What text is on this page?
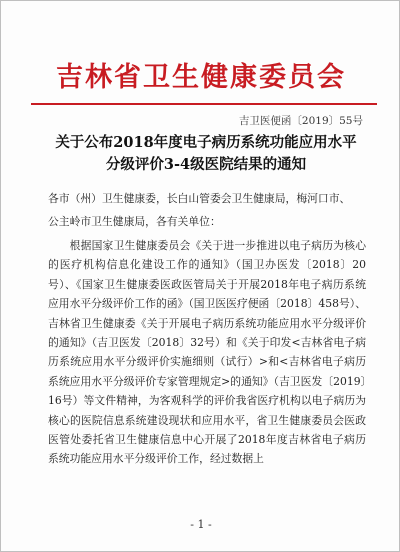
吉林省卫生健康委员会
吉卫医便函〔2019〕55号
关于公布2018年度电子病历系统功能应用水平
分级评价3-4级医院结果的通知
各市（州）卫生健康委，长白山管委会卫生健康局，梅河口市、
公主岭市卫生健康局，各有关单位：
根据国家卫生健康委员会《关于进一步推进以电子病历为核心的医疗机构信息化建设工作的通知》（国卫办医发〔2018〕20号）、《国家卫生健康委医政医管局关于开展2018年电子病历系统应用水平分级评价工作的函》（国卫医医疗便函〔2018〕458号）、吉林省卫生健康委《关于开展电子病历系统功能应用水平分级评价的通知》（吉卫医发〔2018〕32号）和《关于印发<吉林省电子病历系统应用水平分级评价实施细则（试行）>和<吉林省电子病历系统应用水平分级评价专家管理规定>的通知》（吉卫医发〔2019〕16号）等文件精神，为客观科学的评价我省医疗机构以电子病历为核心的医院信息系统建设现状和应用水平，省卫生健康委员会医政医管处委托省卫生健康信息中心开展了2018年度吉林省电子病历系统功能应用水平分级评价工作，经过数据上
- 1 -
